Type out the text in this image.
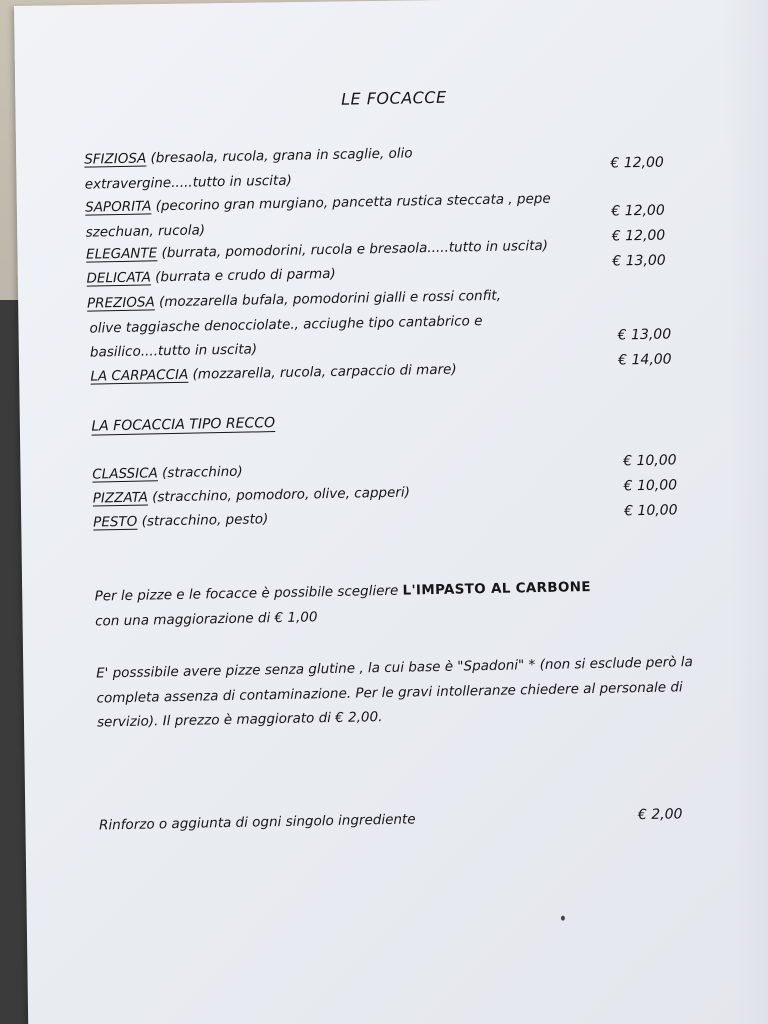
LE FOCACCE
SFIZIOSA (bresaola, rucola, grana in scaglie, olio
extravergine.....tutto in uscita)
€ 12,00
SAPORITA (pecorino gran murgiano, pancetta rustica steccata , pepe
szechuan, rucola)
€ 12,00
ELEGANTE (burrata, pomodorini, rucola e bresaola.....tutto in uscita)
€ 12,00
DELICATA (burrata e crudo di parma)
€ 13,00
PREZIOSA (mozzarella bufala, pomodorini gialli e rossi confit,
olive taggiasche denocciolate., acciughe tipo cantabrico e
basilico....tutto in uscita)
€ 13,00
LA CARPACCIA (mozzarella, rucola, carpaccio di mare)
€ 14,00
LA FOCACCIA TIPO RECCO
CLASSICA (stracchino)
€ 10,00
PIZZATA (stracchino, pomodoro, olive, capperi)	€ 10,00
PESTO (stracchino, pesto)
€ 10,00
Per le pizze e le focacce è possibile scegliere L'IMPASTO AL CARBONE
con una maggiorazione di € 1,00
E' posssibile avere pizze senza glutine , la cui base è "Spadoni" * (non si esclude però la
completa assenza di contaminazione. Per le gravi intolleranze chiedere al personale di
servizio). Il prezzo è maggiorato di € 2,00.
Rinforzo o aggiunta di ogni singolo ingrediente	€ 2,00
